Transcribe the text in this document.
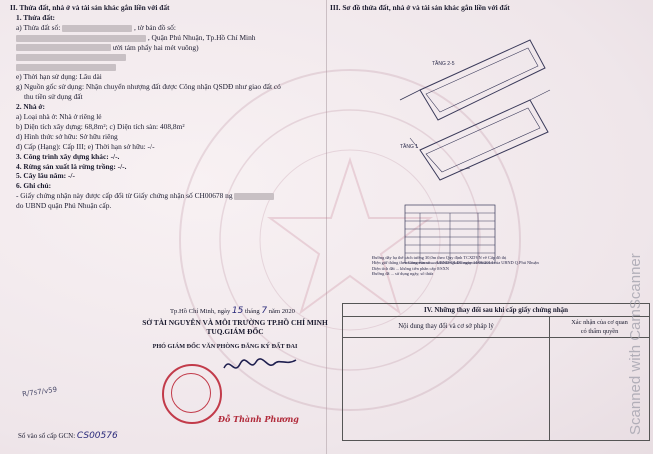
II. Thửa đất, nhà ở và tài sản khác gắn liền với đất
1. Thửa đất:
a) Thửa đất số:	, tờ bản đồ số:
, Quận Phú Nhuận, Tp.Hồ Chí Minh
ười tám phẩy hai mét vuông)
e) Thời hạn sử dụng: Lâu dài
g) Nguồn gốc sử dụng: Nhận chuyển nhượng đất được Công nhận QSDĐ như giao đất có
thu tiền sử dụng đất
2. Nhà ở:
a) Loại nhà ở: Nhà ở riêng lẻ
b) Diện tích xây dựng: 68,8m²; c) Diện tích sàn: 408,8m²
d) Hình thức sở hữu: Sở hữu riêng
đ) Cấp (Hạng): Cấp III; e) Thời hạn sở hữu: -/-
3. Công trình xây dựng khác: -/-.
4. Rừng sản xuất là rừng trồng: -/-.
5. Cây lâu năm: -/-
6. Ghi chú:
- Giấy chứng nhận này được cấp đổi từ Giấy chứng nhận số CH00678 ng
do UBND quận Phú Nhuận cấp.
Tp.Hồ Chí Minh, ngày 15 tháng 7 năm 2020
SỞ TÀI NGUYÊN VÀ MÔI TRƯỜNG TP.HỒ CHÍ MINH
TUQ.GIÁM ĐỐC
PHÓ GIÁM ĐỐC VĂN PHÒNG ĐĂNG KÝ ĐẤT ĐAI
Đỗ Thành Phương
R/7s7/v59
Số vào sổ cấp GCN: CS00576
III. Sơ đồ thửa đất, nhà ở và tài sản khác gắn liền với đất
TẦNG 2-5
TẦNG 1
Đường dây hạ thế cách tường 30,0m theo Quy định TCXDVN về Cấp đô thị
Hiện giữ thẳng theo Công văn số ... /UBND-QLĐT ngày 14/06/2014 của UBND Q.Phú Nhuận
Diện tích đất ... không tiên phân cấp 0/SXN
Đường đã ... sử dụng ngày, số thửa
IV. Những thay đổi sau khi cấp giấy chứng nhận
Nội dung thay đổi và cơ sở pháp lý
Xác nhận của cơ quan
có thẩm quyền Scanned with CamScanner
